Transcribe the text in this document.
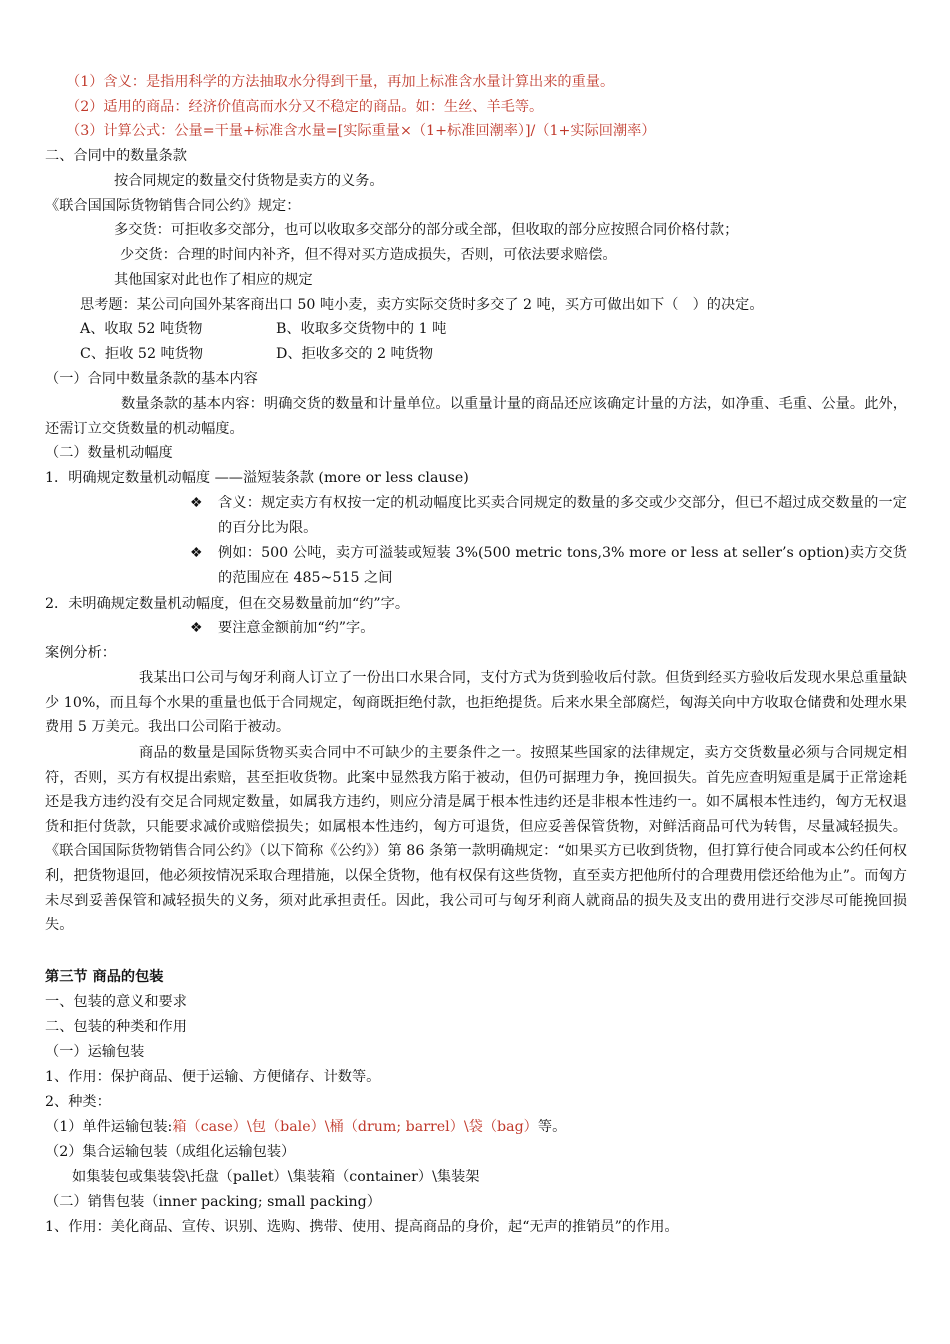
（1）含义：是指用科学的方法抽取水分得到干量，再加上标准含水量计算出来的重量。
（2）适用的商品：经济价值高而水分又不稳定的商品。如：生丝、羊毛等。
（3）计算公式：公量=干量+标准含水量=[实际重量×（1+标准回潮率）]/（1+实际回潮率）
二、合同中的数量条款
按合同规定的数量交付货物是卖方的义务。
《联合国国际货物销售合同公约》规定：
多交货：可拒收多交部分，也可以收取多交部分的部分或全部，但收取的部分应按照合同价格付款；
少交货：合理的时间内补齐，但不得对买方造成损失，否则，可依法要求赔偿。
其他国家对此也作了相应的规定
思考题：某公司向国外某客商出口 50 吨小麦，卖方实际交货时多交了 2 吨，买方可做出如下（　）的决定。
A、收取 52 吨货物	B、收取多交货物中的 1 吨
C、拒收 52 吨货物	D、拒收多交的 2 吨货物
（一）合同中数量条款的基本内容

数量条款的基本内容：明确交货的数量和计量单位。以重量计量的商品还应该确定计量的方法，如净重、毛重、公量。此外，还需订立交货数量的机动幅度。

（二）数量机动幅度
1．明确规定数量机动幅度 ——溢短装条款 (more or less clause)
❖	含义：规定卖方有权按一定的机动幅度比买卖合同规定的数量的多交或少交部分，但已不超过成交数量的一定的百分比为限。
❖	例如：500 公吨，卖方可溢装或短装 3%(500 metric tons,3% more or less at seller’s option)卖方交货的范围应在 485~515 之间
2．未明确规定数量机动幅度，但在交易数量前加“约”字。
❖	要注意金额前加“约”字。
案例分析：

我某出口公司与匈牙利商人订立了一份出口水果合同，支付方式为货到验收后付款。但货到经买方验收后发现水果总重量缺少 10%，而且每个水果的重量也低于合同规定，匈商既拒绝付款，也拒绝提货。后来水果全部腐烂，匈海关向中方收取仓储费和处理水果费用 5 万美元。我出口公司陷于被动。

商品的数量是国际货物买卖合同中不可缺少的主要条件之一。按照某些国家的法律规定，卖方交货数量必须与合同规定相符，否则，买方有权提出索赔，甚至拒收货物。此案中显然我方陷于被动，但仍可据理力争，挽回损失。首先应查明短重是属于正常途耗还是我方违约没有交足合同规定数量，如属我方违约，则应分清是属于根本性违约还是非根本性违约一。如不属根本性违约，匈方无权退货和拒付货款，只能要求减价或赔偿损失；如属根本性违约，匈方可退货，但应妥善保管货物，对鲜活商品可代为转售，尽量减轻损失。《联合国国际货物销售合同公约》（以下简称《公约》）第 86 条第一款明确规定：“如果买方已收到货物，但打算行使合同或本公约任何权利，把货物退回，他必须按情况采取合理措施，以保全货物，他有权保有这些货物，直至卖方把他所付的合理费用偿还给他为止”。而匈方未尽到妥善保管和减轻损失的义务，须对此承担责任。因此，我公司可与匈牙利商人就商品的损失及支出的费用进行交涉尽可能挽回损失。

第三节 商品的包装
一、包装的意义和要求
二、包装的种类和作用
（一）运输包装
1、作用：保护商品、便于运输、方便储存、计数等。
2、种类：
（1）单件运输包装:箱（case）\包（bale）\桶（drum; barrel）\袋（bag）等。
（2）集合运输包装（成组化运输包装）
如集装包或集装袋\托盘（pallet）\集装箱（container）\集装架
（二）销售包装（inner packing; small packing）
1、作用：美化商品、宣传、识别、选购、携带、使用、提高商品的身价，起“无声的推销员”的作用。
